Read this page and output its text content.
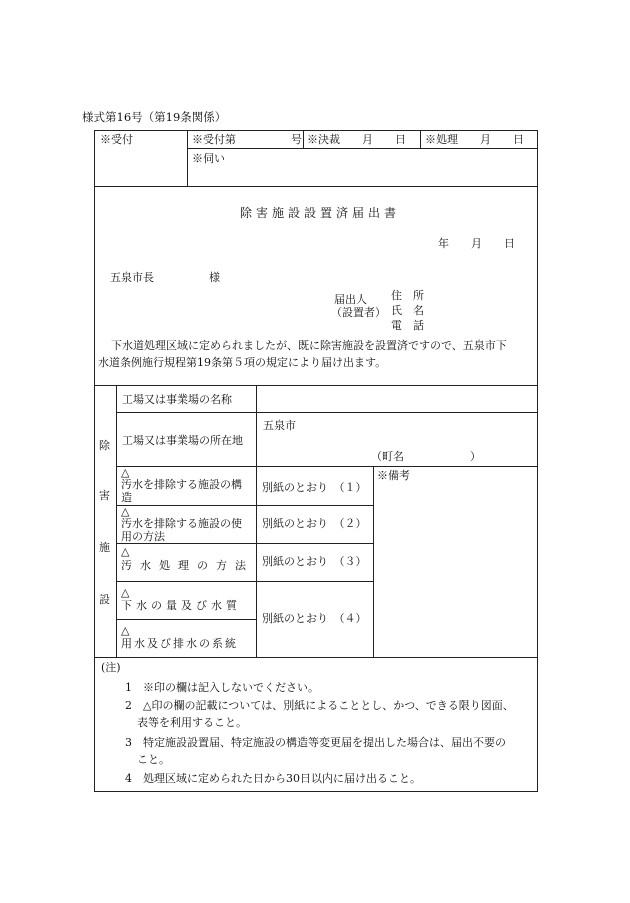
様式第16号（第19条関係）
※受付	※受付第　　　　　号 ※決裁　　月　　日 ※処理　　月　　日
※伺い
除害施設設置済届出書
年　　月　　日
五泉市長　　　　　様
届出人
（設置者）
住　所
氏　名
電　話
下水道処理区域に定められましたが、既に除害施設を設置済ですので、五泉市下
水道条例施行規程第19条第５項の規定により届け出ます。
除
害
施
設
工場又は事業場の名称
工場又は事業場の所在地
五泉市
（町名　　　　　　）
※備考
△
汚水を排除する施設の構
造
別紙のとおり　（１）
△
汚水を排除する施設の使
用の方法
別紙のとおり　（２）
△
汚水処理の方法 別紙のとおり　（３）
△
下水の量及び水質
△
用水及び排水の系統
別紙のとおり　（４）
(注)
1　※印の欄は記入しないでください。
2　△印の欄の記載については、別紙によることとし、かつ、できる限り図面、
表等を利用すること。
3　特定施設設置届、特定施設の構造等変更届を提出した場合は、届出不要の
こと。
4　処理区域に定められた日から30日以内に届け出ること。
